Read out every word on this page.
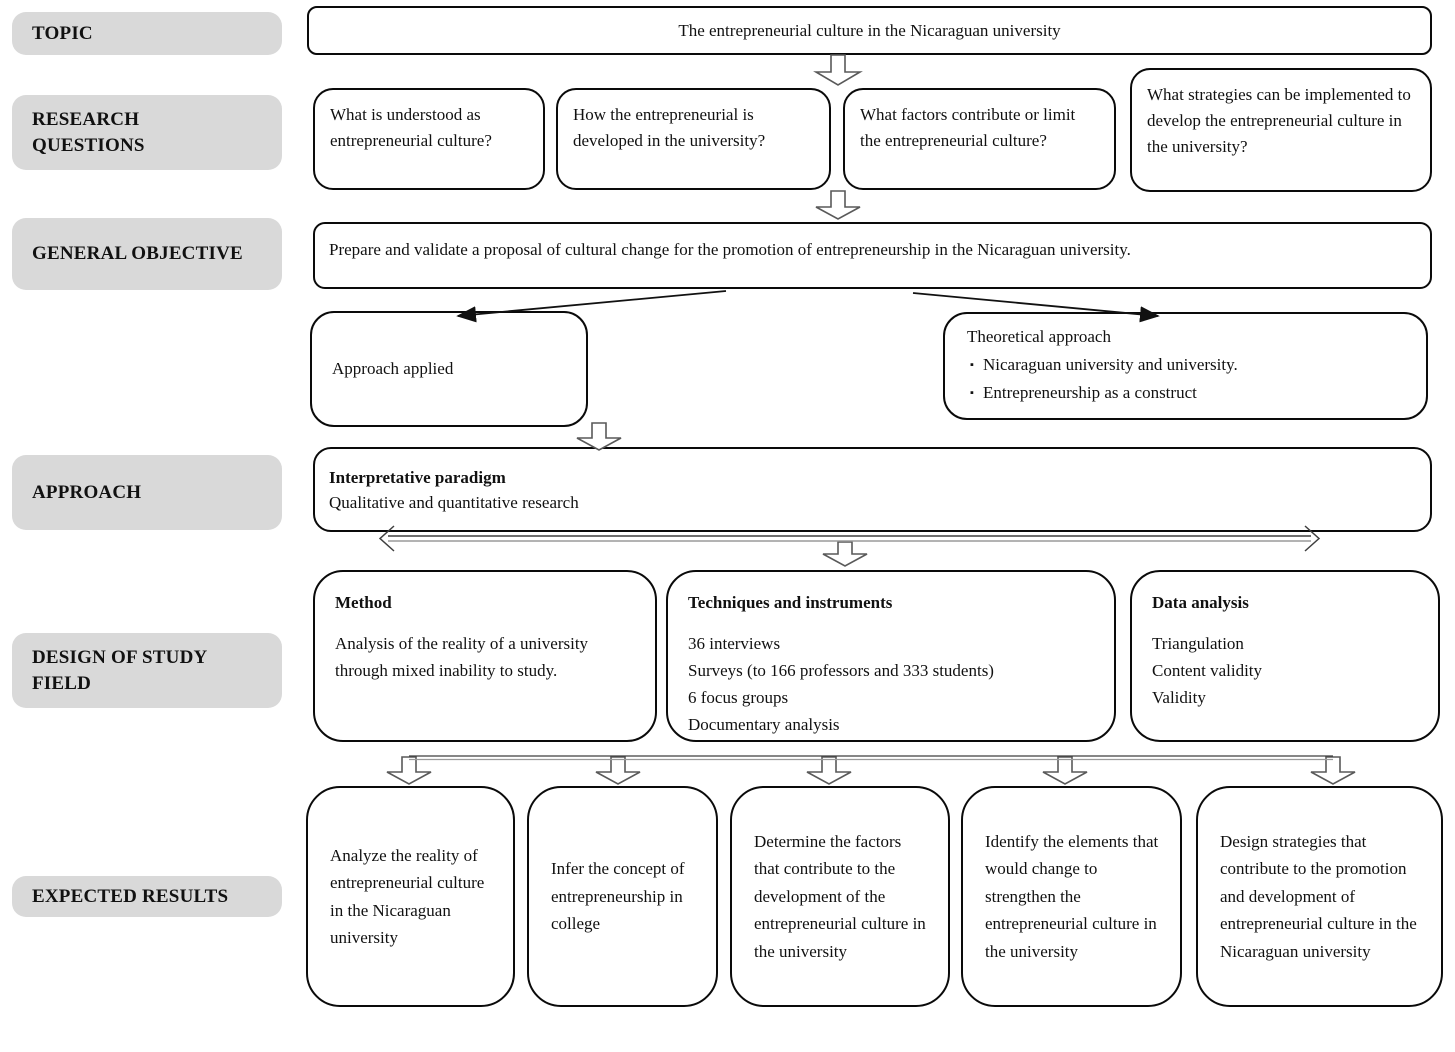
TOPIC
RESEARCH QUESTIONS
GENERAL OBJECTIVE
APPROACH
DESIGN OF STUDY FIELD
EXPECTED RESULTS
The entrepreneurial culture in the Nicaraguan university
What is understood as entrepreneurial culture?
How the entrepreneurial is developed in the university?
What factors contribute or limit the entrepreneurial culture?
What strategies can be implemented to develop the entrepreneurial culture in the university?
Prepare and validate a proposal of cultural change for the promotion of entrepreneurship in the Nicaraguan university.
Approach applied
Theoretical approach
▪ Nicaraguan university and university.
▪ Entrepreneurship as a construct
Interpretative paradigm
Qualitative and quantitative research
Method
Analysis of the reality of a university through mixed inability to study.
Techniques and instruments
36 interviews
Surveys (to 166 professors and 333 students)
6 focus groups
Documentary analysis
Data analysis
Triangulation
Content validity
Validity
Analyze the reality of entrepreneurial culture in the Nicaraguan university
Infer the concept of entrepreneurship in college
Determine the factors that contribute to the development of the entrepreneurial culture in the university
Identify the elements that would change to strengthen the entrepreneurial culture in the university
Design strategies that contribute to the promotion and development of entrepreneurial culture in the Nicaraguan university
